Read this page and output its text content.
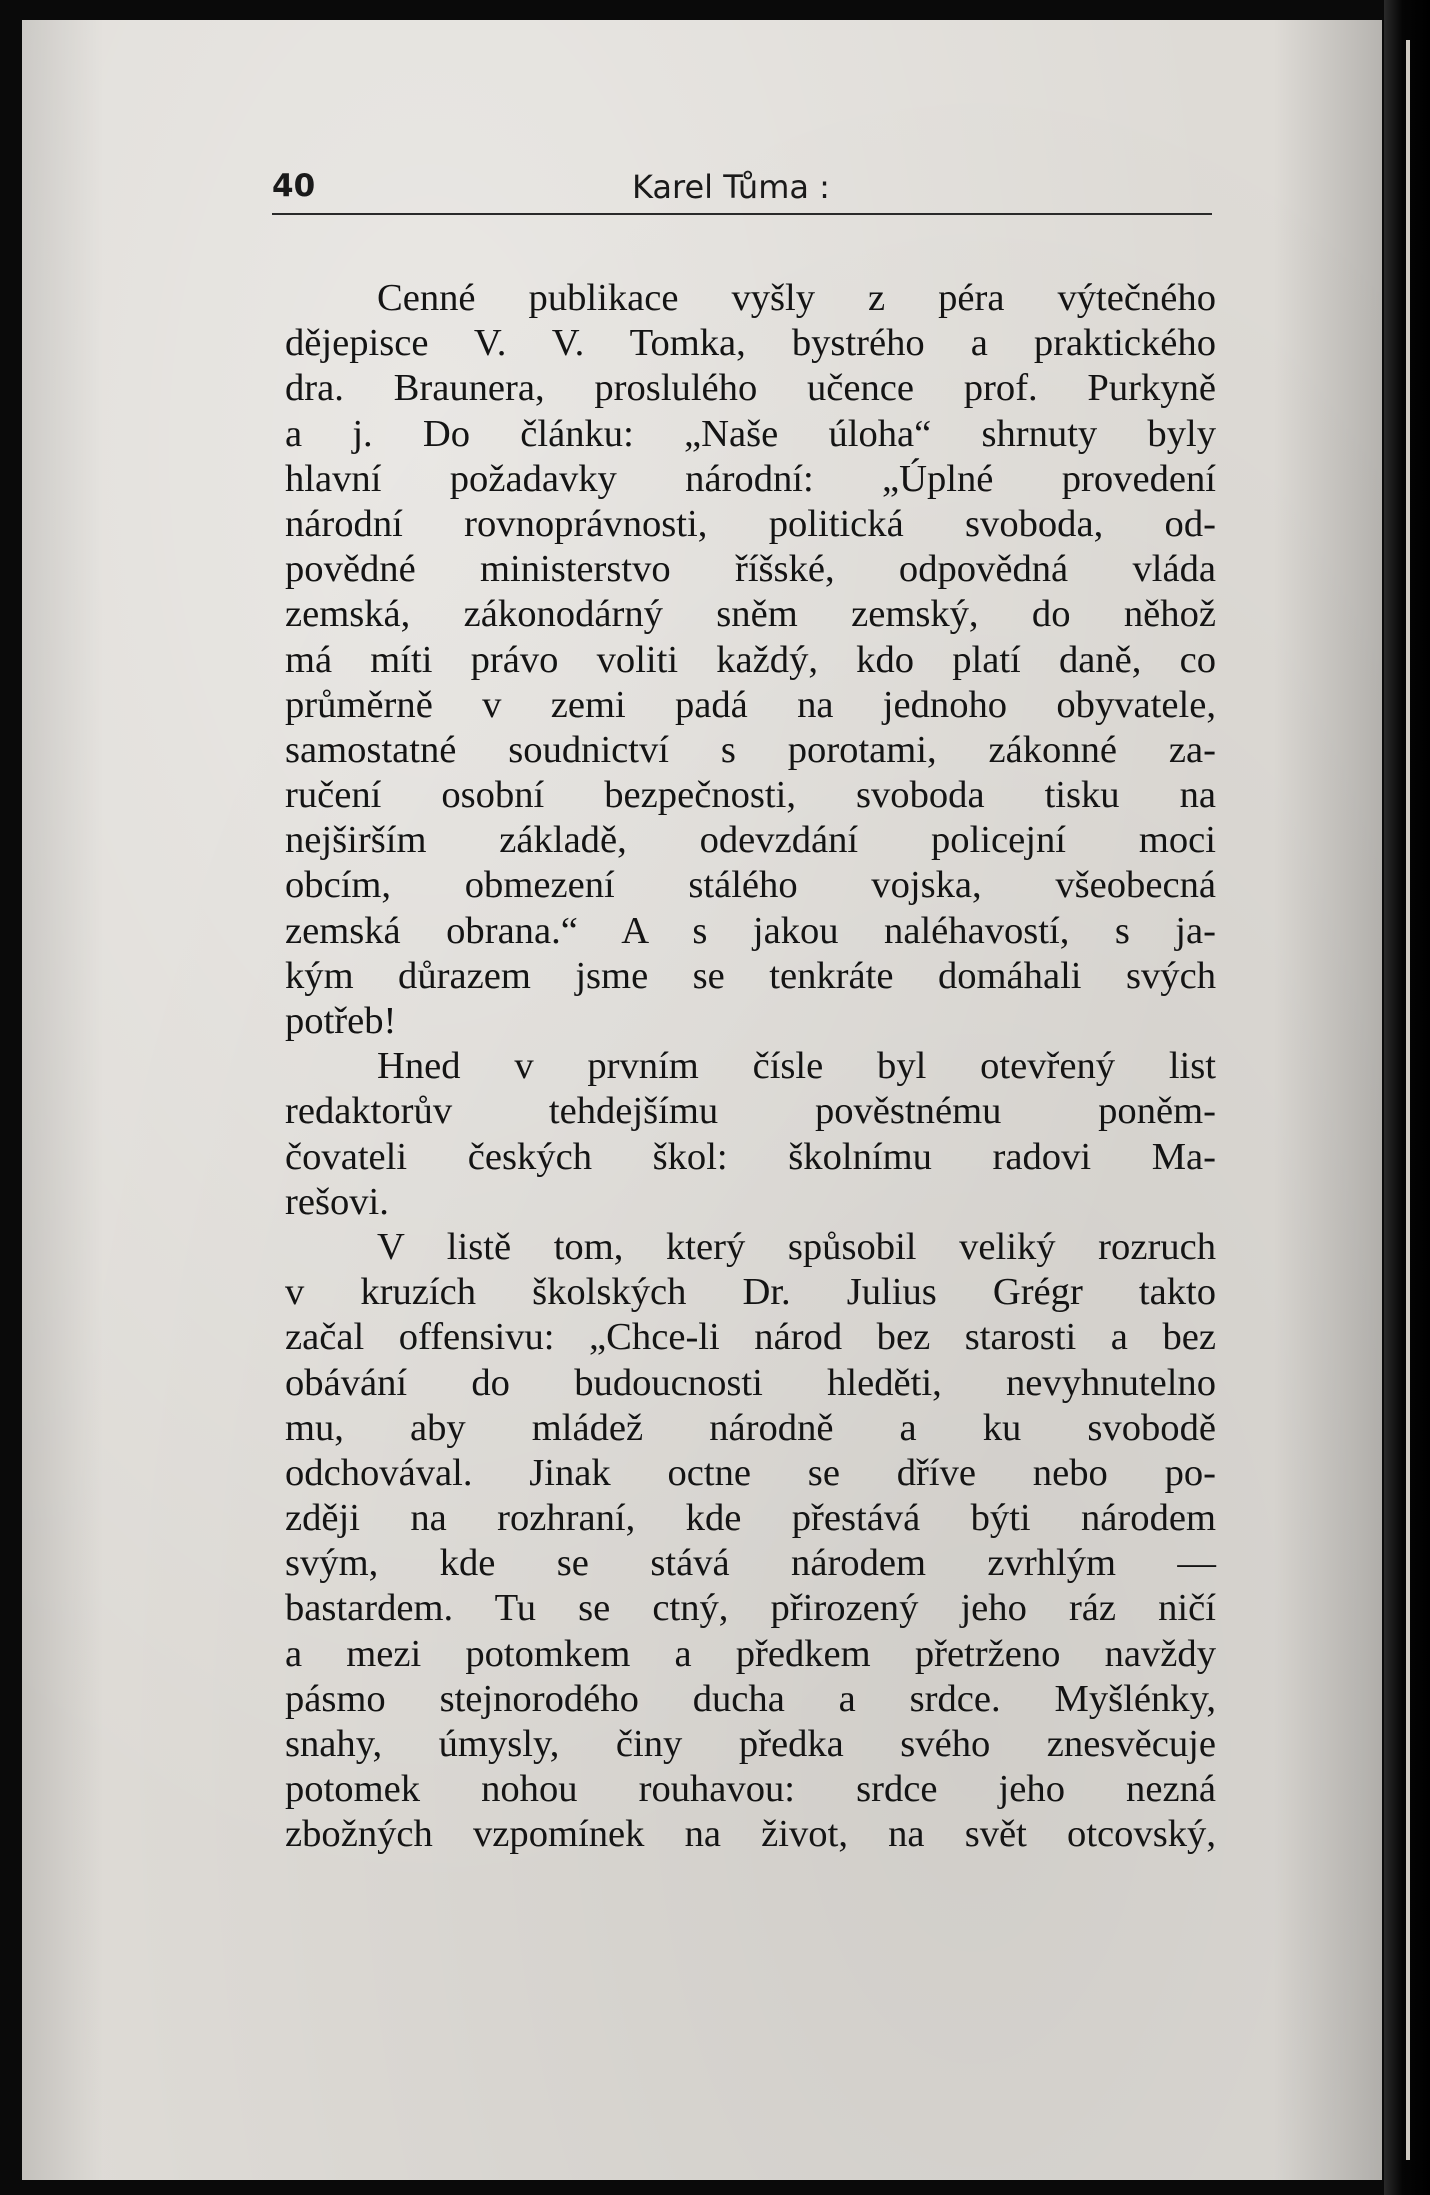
40	Karel Tůma :
Cenné publikace vyšly z péra výtečného
dějepisce V. V. Tomka, bystrého a praktického
dra. Braunera, proslulého učence prof. Purkyně
a j. Do článku: „Naše úloha“ shrnuty byly
hlavní požadavky národní: „Úplné provedení
národní rovnoprávnosti, politická svoboda, od-
povědné ministerstvo říšské, odpovědná vláda
zemská, zákonodárný sněm zemský, do něhož
má míti právo voliti každý, kdo platí daně, co
průměrně v zemi padá na jednoho obyvatele,
samostatné soudnictví s porotami, zákonné za-
ručení osobní bezpečnosti, svoboda tisku na
nejširším základě, odevzdání policejní moci
obcím, obmezení stálého vojska, všeobecná
zemská obrana.“ A s jakou naléhavostí, s ja-
kým důrazem jsme se tenkráte domáhali svých
potřeb!
Hned v prvním čísle byl otevřený list
redaktorův tehdejšímu pověstnému poněm-
čovateli českých škol: školnímu radovi Ma-
rešovi.
V listě tom, který spůsobil veliký rozruch
v kruzích školských Dr. Julius Grégr takto
začal offensivu: „Chce-li národ bez starosti a bez
obávání do budoucnosti hleděti, nevyhnutelno
mu, aby mládež národně a ku svobodě
odchovával. Jinak octne se dříve nebo po-
zději na rozhraní, kde přestává býti národem
svým, kde se stává národem zvrhlým —
bastardem. Tu se ctný, přirozený jeho ráz ničí
a mezi potomkem a předkem přetrženo navždy
pásmo stejnorodého ducha a srdce. Myšlénky,
snahy, úmysly, činy předka svého znesvěcuje
potomek nohou rouhavou: srdce jeho nezná
zbožných vzpomínek na život, na svět otcovský,
